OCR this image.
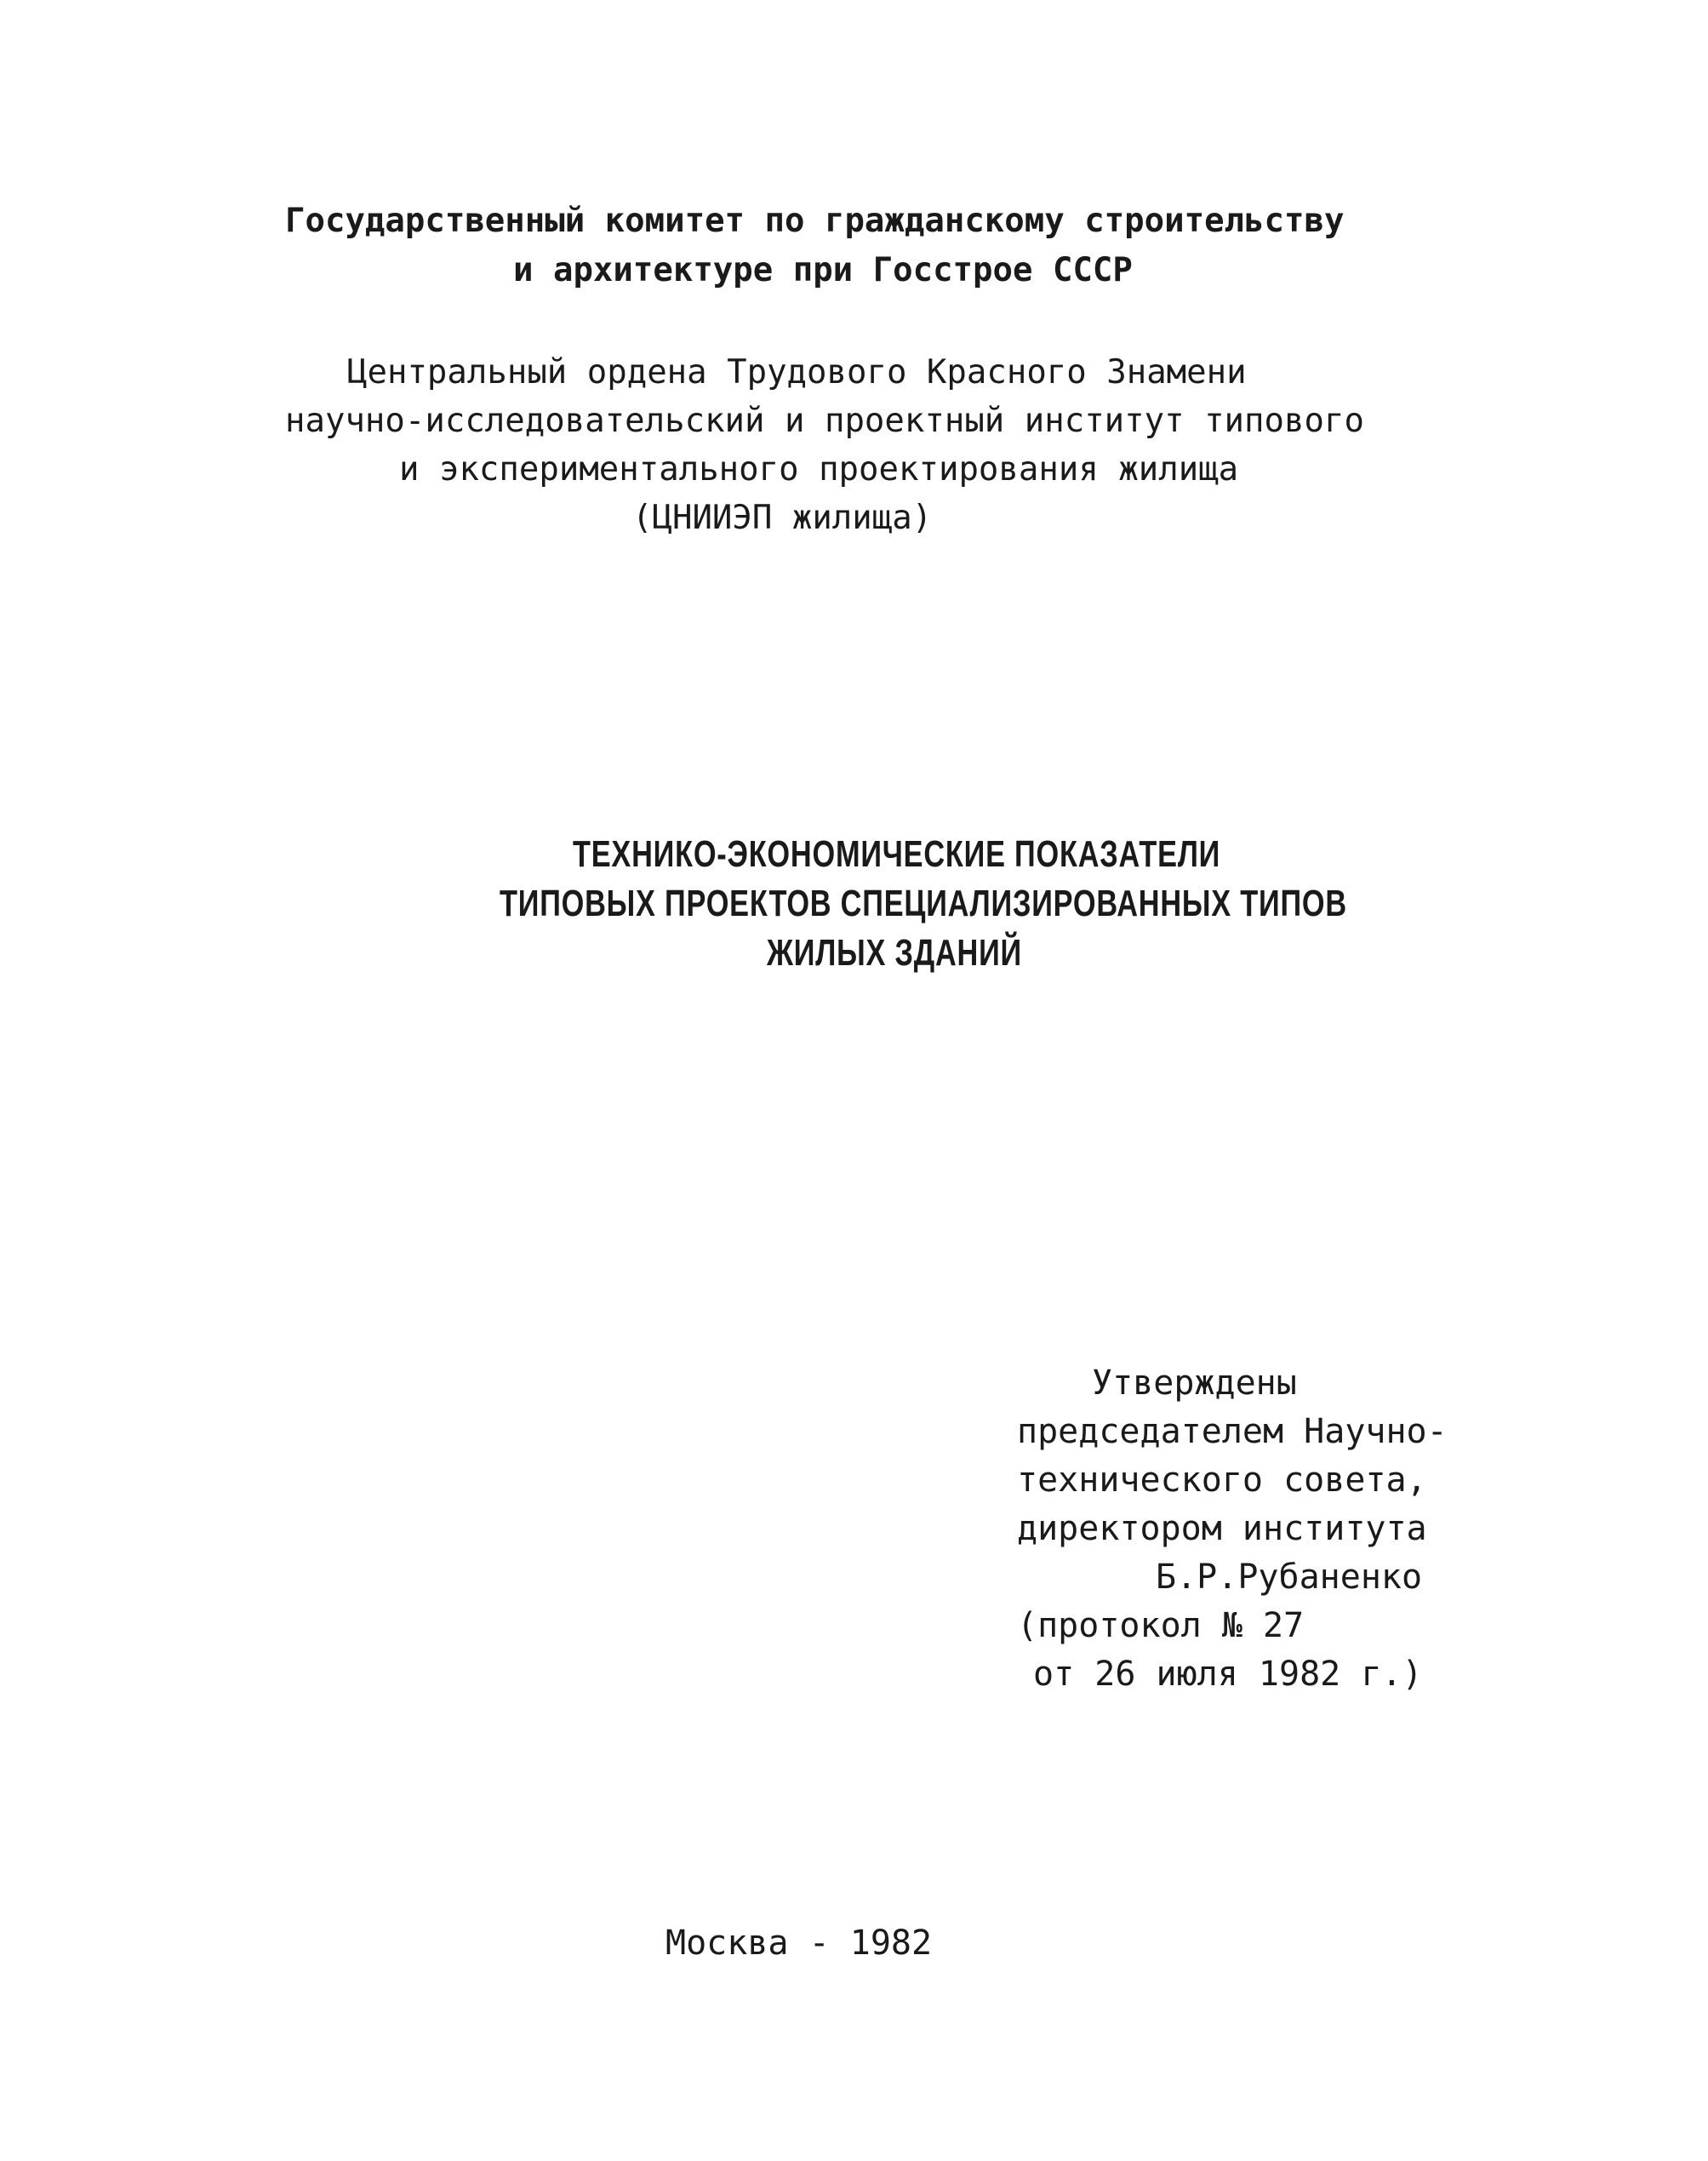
Государственный комитет по гражданскому строительству
и архитектуре при Госстрое СССР
Центральный ордена Трудового Красного Знамени
научно-исследовательский и проектный институт типового
и экспериментального проектирования жилища
(ЦНИИЭП жилища)
ТЕХНИКО-ЭКОНОМИЧЕСКИЕ ПОКАЗАТЕЛИ
ТИПОВЫХ ПРОЕКТОВ СПЕЦИАЛИЗИРОВАННЫХ ТИПОВ
ЖИЛЫХ ЗДАНИЙ
Утверждены
председателем Научно-
технического совета,
директором института
Б.Р.Рубаненко
(протокол № 27
от 26 июля 1982 г.)
Москва - 1982
